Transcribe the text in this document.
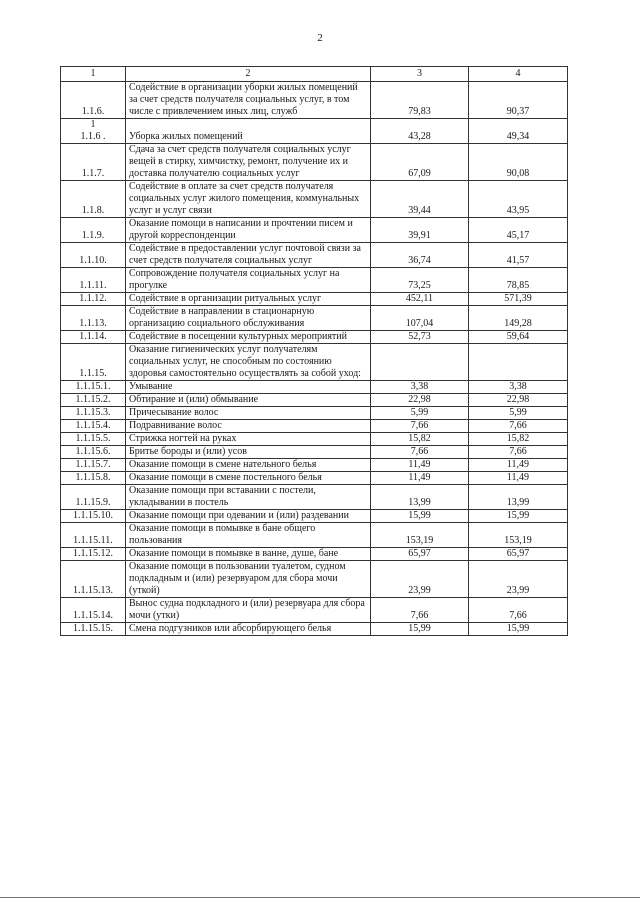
2
1	2	3	4
1.1.6.	Содействие в организации уборки жилых помещений за счет средств получателя социальных услуг, в том числе с привлечением иных лиц, служб	79,83	90,37

1
1.1.6 .	Уборка жилых помещений	43,28	49,34
1.1.7.	Сдача за счет средств получателя социальных услуг вещей в стирку, химчистку, ремонт, получение их и доставка получателю социальных услуг	67,09	90,08
1.1.8.	Содействие в оплате за счет средств получателя социальных услуг жилого помещения, коммунальных услуг и услуг связи	39,44	43,95
1.1.9.	Оказание помощи в написании и прочтении писем и другой корреспонденции	39,91	45,17
1.1.10.	Содействие в предоставлении услуг почтовой связи за счет средств получателя социальных услуг	36,74	41,57
1.1.11.	Сопровождение получателя социальных услуг на прогулке	73,25	78,85
1.1.12.	Содействие в организации ритуальных услуг	452,11	571,39
1.1.13.	Содействие в направлении в стационарную организацию социального обслуживания	107,04	149,28
1.1.14.	Содействие в посещении культурных мероприятий	52,73	59,64
1.1.15.	Оказание гигиенических услуг получателям социальных услуг, не способным по состоянию здоровья самостоятельно осуществлять за собой уход:		
1.1.15.1.	Умывание	3,38	3,38
1.1.15.2.	Обтирание и (или) обмывание	22,98	22,98
1.1.15.3.	Причесывание волос	5,99	5,99
1.1.15.4.	Подравнивание волос	7,66	7,66
1.1.15.5.	Стрижка ногтей на руках	15,82	15,82
1.1.15.6.	Бритье бороды и (или) усов	7,66	7,66
1.1.15.7.	Оказание помощи в смене нательного белья	11,49	11,49
1.1.15.8.	Оказание помощи в смене постельного белья	11,49	11,49
1.1.15.9.	Оказание помощи при вставании с постели, укладывании в постель	13,99	13,99
1.1.15.10.	Оказание помощи при одевании и (или) раздевании	15,99	15,99
1.1.15.11.	Оказание помощи в помывке в бане общего пользования	153,19	153,19
1.1.15.12.	Оказание помощи в помывке в ванне, душе, бане	65,97	65,97
1.1.15.13.	Оказание помощи в пользовании туалетом, судном подкладным и (или) резервуаром для сбора мочи (уткой)	23,99	23,99
1.1.15.14.	Вынос судна подкладного и (или) резервуара для сбора мочи (утки)	7,66	7,66
1.1.15.15.	Смена подгузников или абсорбирующего белья	15,99	15,99
